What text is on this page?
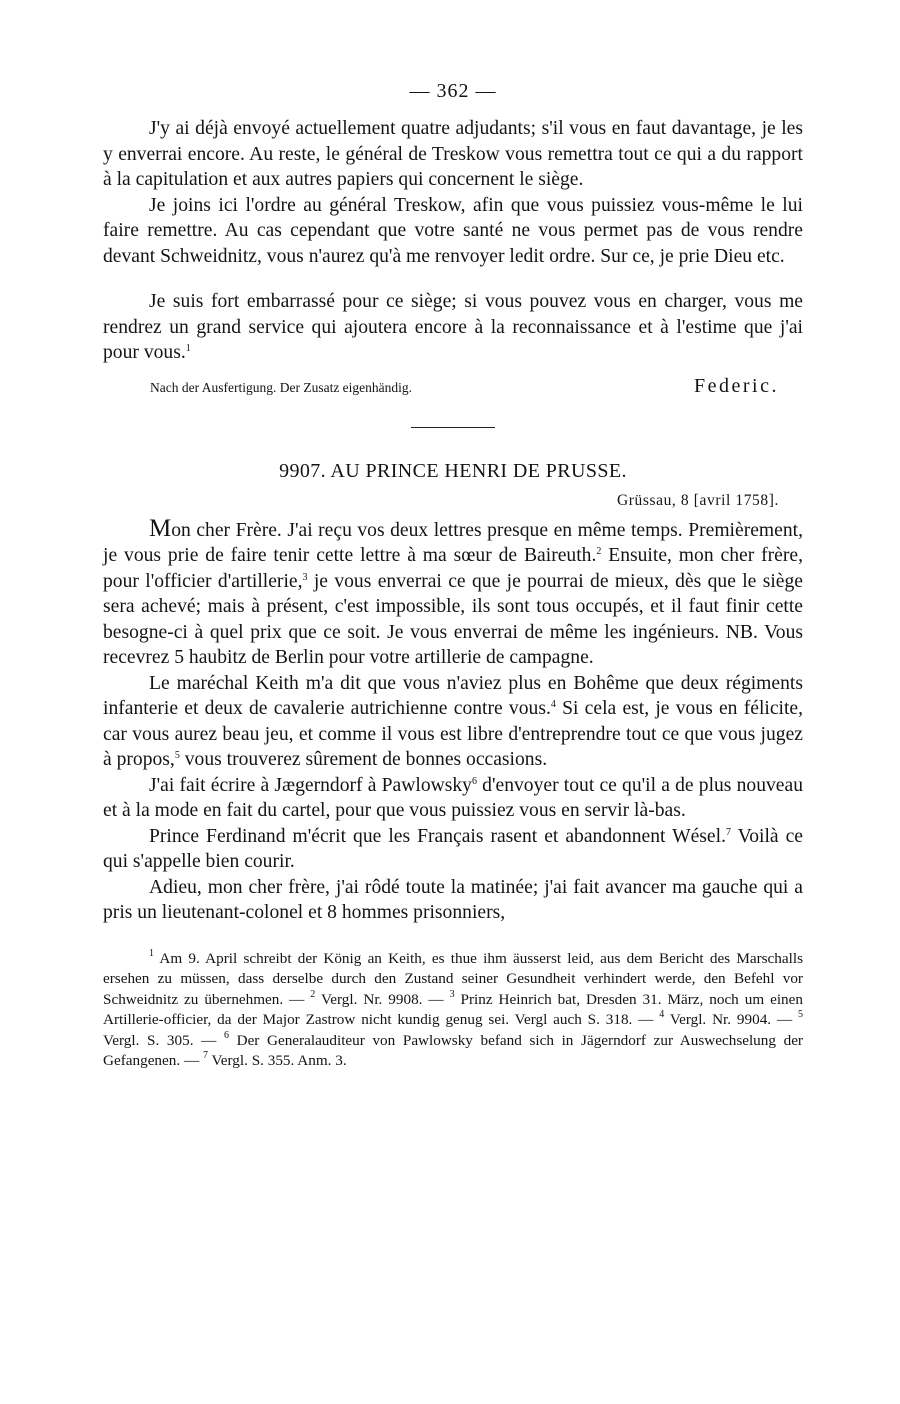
— 362 —

J'y ai déjà envoyé actuellement quatre adjudants; s'il vous en faut davantage, je les y enverrai encore. Au reste, le général de Treskow vous remettra tout ce qui a du rapport à la capitulation et aux autres papiers qui concernent le siège.

Je joins ici l'ordre au général Treskow, afin que vous puissiez vous-même le lui faire remettre. Au cas cependant que votre santé ne vous permet pas de vous rendre devant Schweidnitz, vous n'aurez qu'à me renvoyer ledit ordre. Sur ce, je prie Dieu etc.

Je suis fort embarrassé pour ce siège; si vous pouvez vous en charger, vous me rendrez un grand service qui ajoutera encore à la reconnaissance et à l'estime que j'ai pour vous.$^1$

Nach der Ausfertigung. Der Zusatz eigenhändig.	Federic.
9907. AU PRINCE HENRI DE PRUSSE.
Grüssau, 8 [avril 1758].

Mon cher Frère. J'ai reçu vos deux lettres presque en même temps. Premièrement, je vous prie de faire tenir cette lettre à ma sœur de Baireuth.$^2$ Ensuite, mon cher frère, pour l'officier d'artillerie,$^3$ je vous enverrai ce que je pourrai de mieux, dès que le siège sera achevé; mais à présent, c'est impossible, ils sont tous occupés, et il faut finir cette besogne-ci à quel prix que ce soit. Je vous enverrai de même les ingénieurs. NB. Vous recevrez 5 haubitz de Berlin pour votre artillerie de campagne.

Le maréchal Keith m'a dit que vous n'aviez plus en Bohême que deux régiments infanterie et deux de cavalerie autrichienne contre vous.$^4$ Si cela est, je vous en félicite, car vous aurez beau jeu, et comme il vous est libre d'entreprendre tout ce que vous jugez à propos,$^5$ vous trouverez sûrement de bonnes occasions.

J'ai fait écrire à Jægerndorf à Pawlowsky$^6$ d'envoyer tout ce qu'il a de plus nouveau et à la mode en fait du cartel, pour que vous puissiez vous en servir là-bas.

Prince Ferdinand m'écrit que les Français rasent et abandonnent Wésel.$^7$ Voilà ce qui s'appelle bien courir.

Adieu, mon cher frère, j'ai rôdé toute la matinée; j'ai fait avancer ma gauche qui a pris un lieutenant-colonel et 8 hommes prisonniers,

$^1$ Am 9. April schreibt der König an Keith, es thue ihm äusserst leid, aus dem Bericht des Marschalls ersehen zu müssen, dass derselbe durch den Zustand seiner Gesundheit verhindert werde, den Befehl vor Schweidnitz zu übernehmen. — $^2$ Vergl. Nr. 9908. — $^3$ Prinz Heinrich bat, Dresden 31. März, noch um einen Artillerie-officier, da der Major Zastrow nicht kundig genug sei. Vergl auch S. 318. — $^4$ Vergl. Nr. 9904. — $^5$ Vergl. S. 305. — $^6$ Der Generalauditeur von Pawlowsky befand sich in Jägerndorf zur Auswechselung der Gefangenen. — $^7$ Vergl. S. 355. Anm. 3.
